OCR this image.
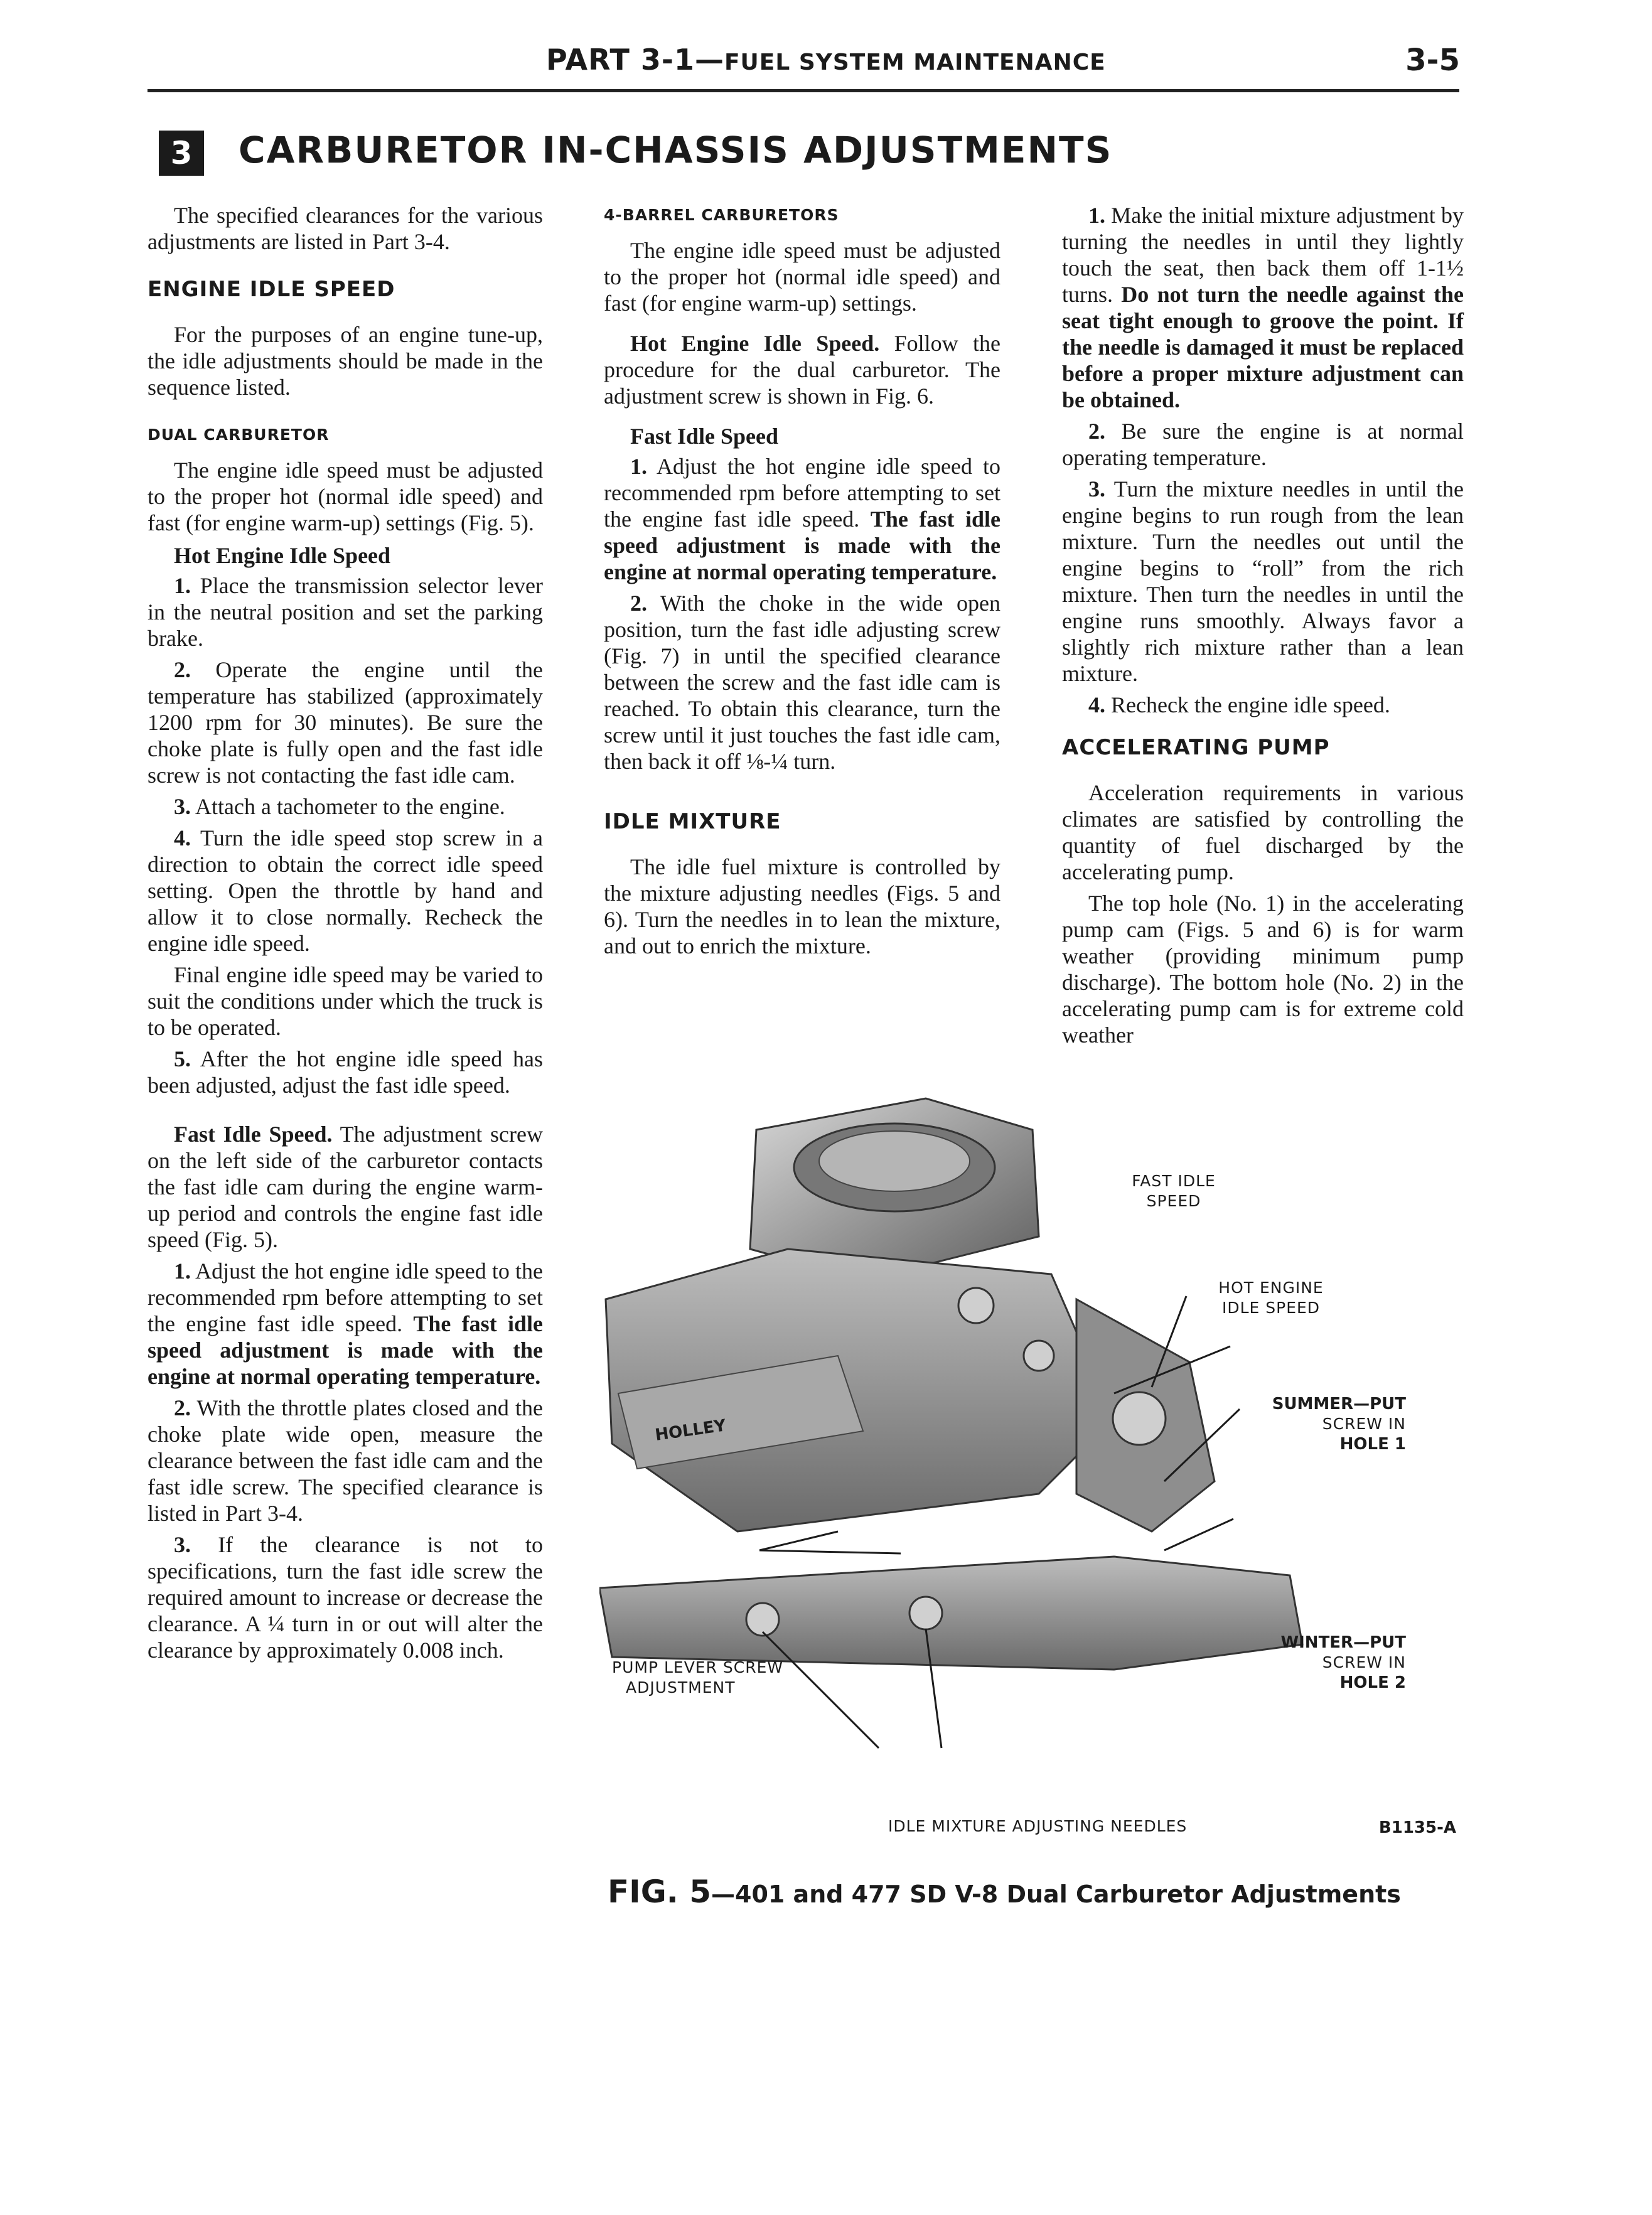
PART 3-1—FUEL SYSTEM MAINTENANCE	3-5
3	CARBURETOR IN-CHASSIS ADJUSTMENTS

The specified clearances for the various adjustments are listed in Part 3-4.

ENGINE IDLE SPEED

For the purposes of an engine tune-up, the idle adjustments should be made in the sequence listed.

DUAL CARBURETOR

The engine idle speed must be adjusted to the proper hot (normal idle speed) and fast (for engine warm-up) settings (Fig. 5).

Hot Engine Idle Speed

1. Place the transmission selector lever in the neutral position and set the parking brake.

2. Operate the engine until the temperature has stabilized (approximately 1200 rpm for 30 minutes). Be sure the choke plate is fully open and the fast idle screw is not contacting the fast idle cam.

3. Attach a tachometer to the engine.

4. Turn the idle speed stop screw in a direction to obtain the correct idle speed setting. Open the throttle by hand and allow it to close normally. Recheck the engine idle speed.

Final engine idle speed may be varied to suit the conditions under which the truck is to be operated.

5. After the hot engine idle speed has been adjusted, adjust the fast idle speed.

Fast Idle Speed. The adjustment screw on the left side of the carburetor contacts the fast idle cam during the engine warm-up period and controls the engine fast idle speed (Fig. 5).

1. Adjust the hot engine idle speed to the recommended rpm before attempting to set the engine fast idle speed. The fast idle speed adjustment is made with the engine at normal operating temperature.

2. With the throttle plates closed and the choke plate wide open, measure the clearance between the fast idle cam and the fast idle screw. The specified clearance is listed in Part 3-4.

3. If the clearance is not to specifications, turn the fast idle screw the required amount to increase or decrease the clearance. A ¼ turn in or out will alter the clearance by approximately 0.008 inch.

4-BARREL CARBURETORS

The engine idle speed must be adjusted to the proper hot (normal idle speed) and fast (for engine warm-up) settings.

Hot Engine Idle Speed. Follow the procedure for the dual carburetor. The adjustment screw is shown in Fig. 6.

Fast Idle Speed

1. Adjust the hot engine idle speed to recommended rpm before attempting to set the engine fast idle speed. The fast idle speed adjustment is made with the engine at normal operating temperature.

2. With the choke in the wide open position, turn the fast idle adjusting screw (Fig. 7) in until the specified clearance between the screw and the fast idle cam is reached. To obtain this clearance, turn the screw until it just touches the fast idle cam, then back it off ⅛-¼ turn.

IDLE MIXTURE

The idle fuel mixture is controlled by the mixture adjusting needles (Figs. 5 and 6). Turn the needles in to lean the mixture, and out to enrich the mixture.

1. Make the initial mixture adjustment by turning the needles in until they lightly touch the seat, then back them off 1-1½ turns. Do not turn the needle against the seat tight enough to groove the point. If the needle is damaged it must be replaced before a proper mixture adjustment can be obtained.

2. Be sure the engine is at normal operating temperature.

3. Turn the mixture needles in until the engine begins to run rough from the lean mixture. Turn the needles out until the engine begins to “roll” from the rich mixture. Then turn the needles in until the engine runs smoothly. Always favor a slightly rich mixture rather than a lean mixture.

4. Recheck the engine idle speed.

ACCELERATING PUMP

Acceleration requirements in various climates are satisfied by controlling the quantity of fuel discharged by the accelerating pump.

The top hole (No. 1) in the accelerating pump cam (Figs. 5 and 6) is for warm weather (providing minimum pump discharge). The bottom hole (No. 2) in the accelerating pump cam is for extreme cold weather

HOLLEY
FAST IDLE
SPEED
HOT ENGINE
IDLE SPEED
SUMMER—PUT
SCREW IN
HOLE 1
WINTER—PUT
SCREW IN
HOLE 2
PUMP LEVER SCREW
ADJUSTMENT
IDLE MIXTURE ADJUSTING NEEDLES	B1135-A
FIG. 5—401 and 477 SD V-8 Dual Carburetor Adjustments
